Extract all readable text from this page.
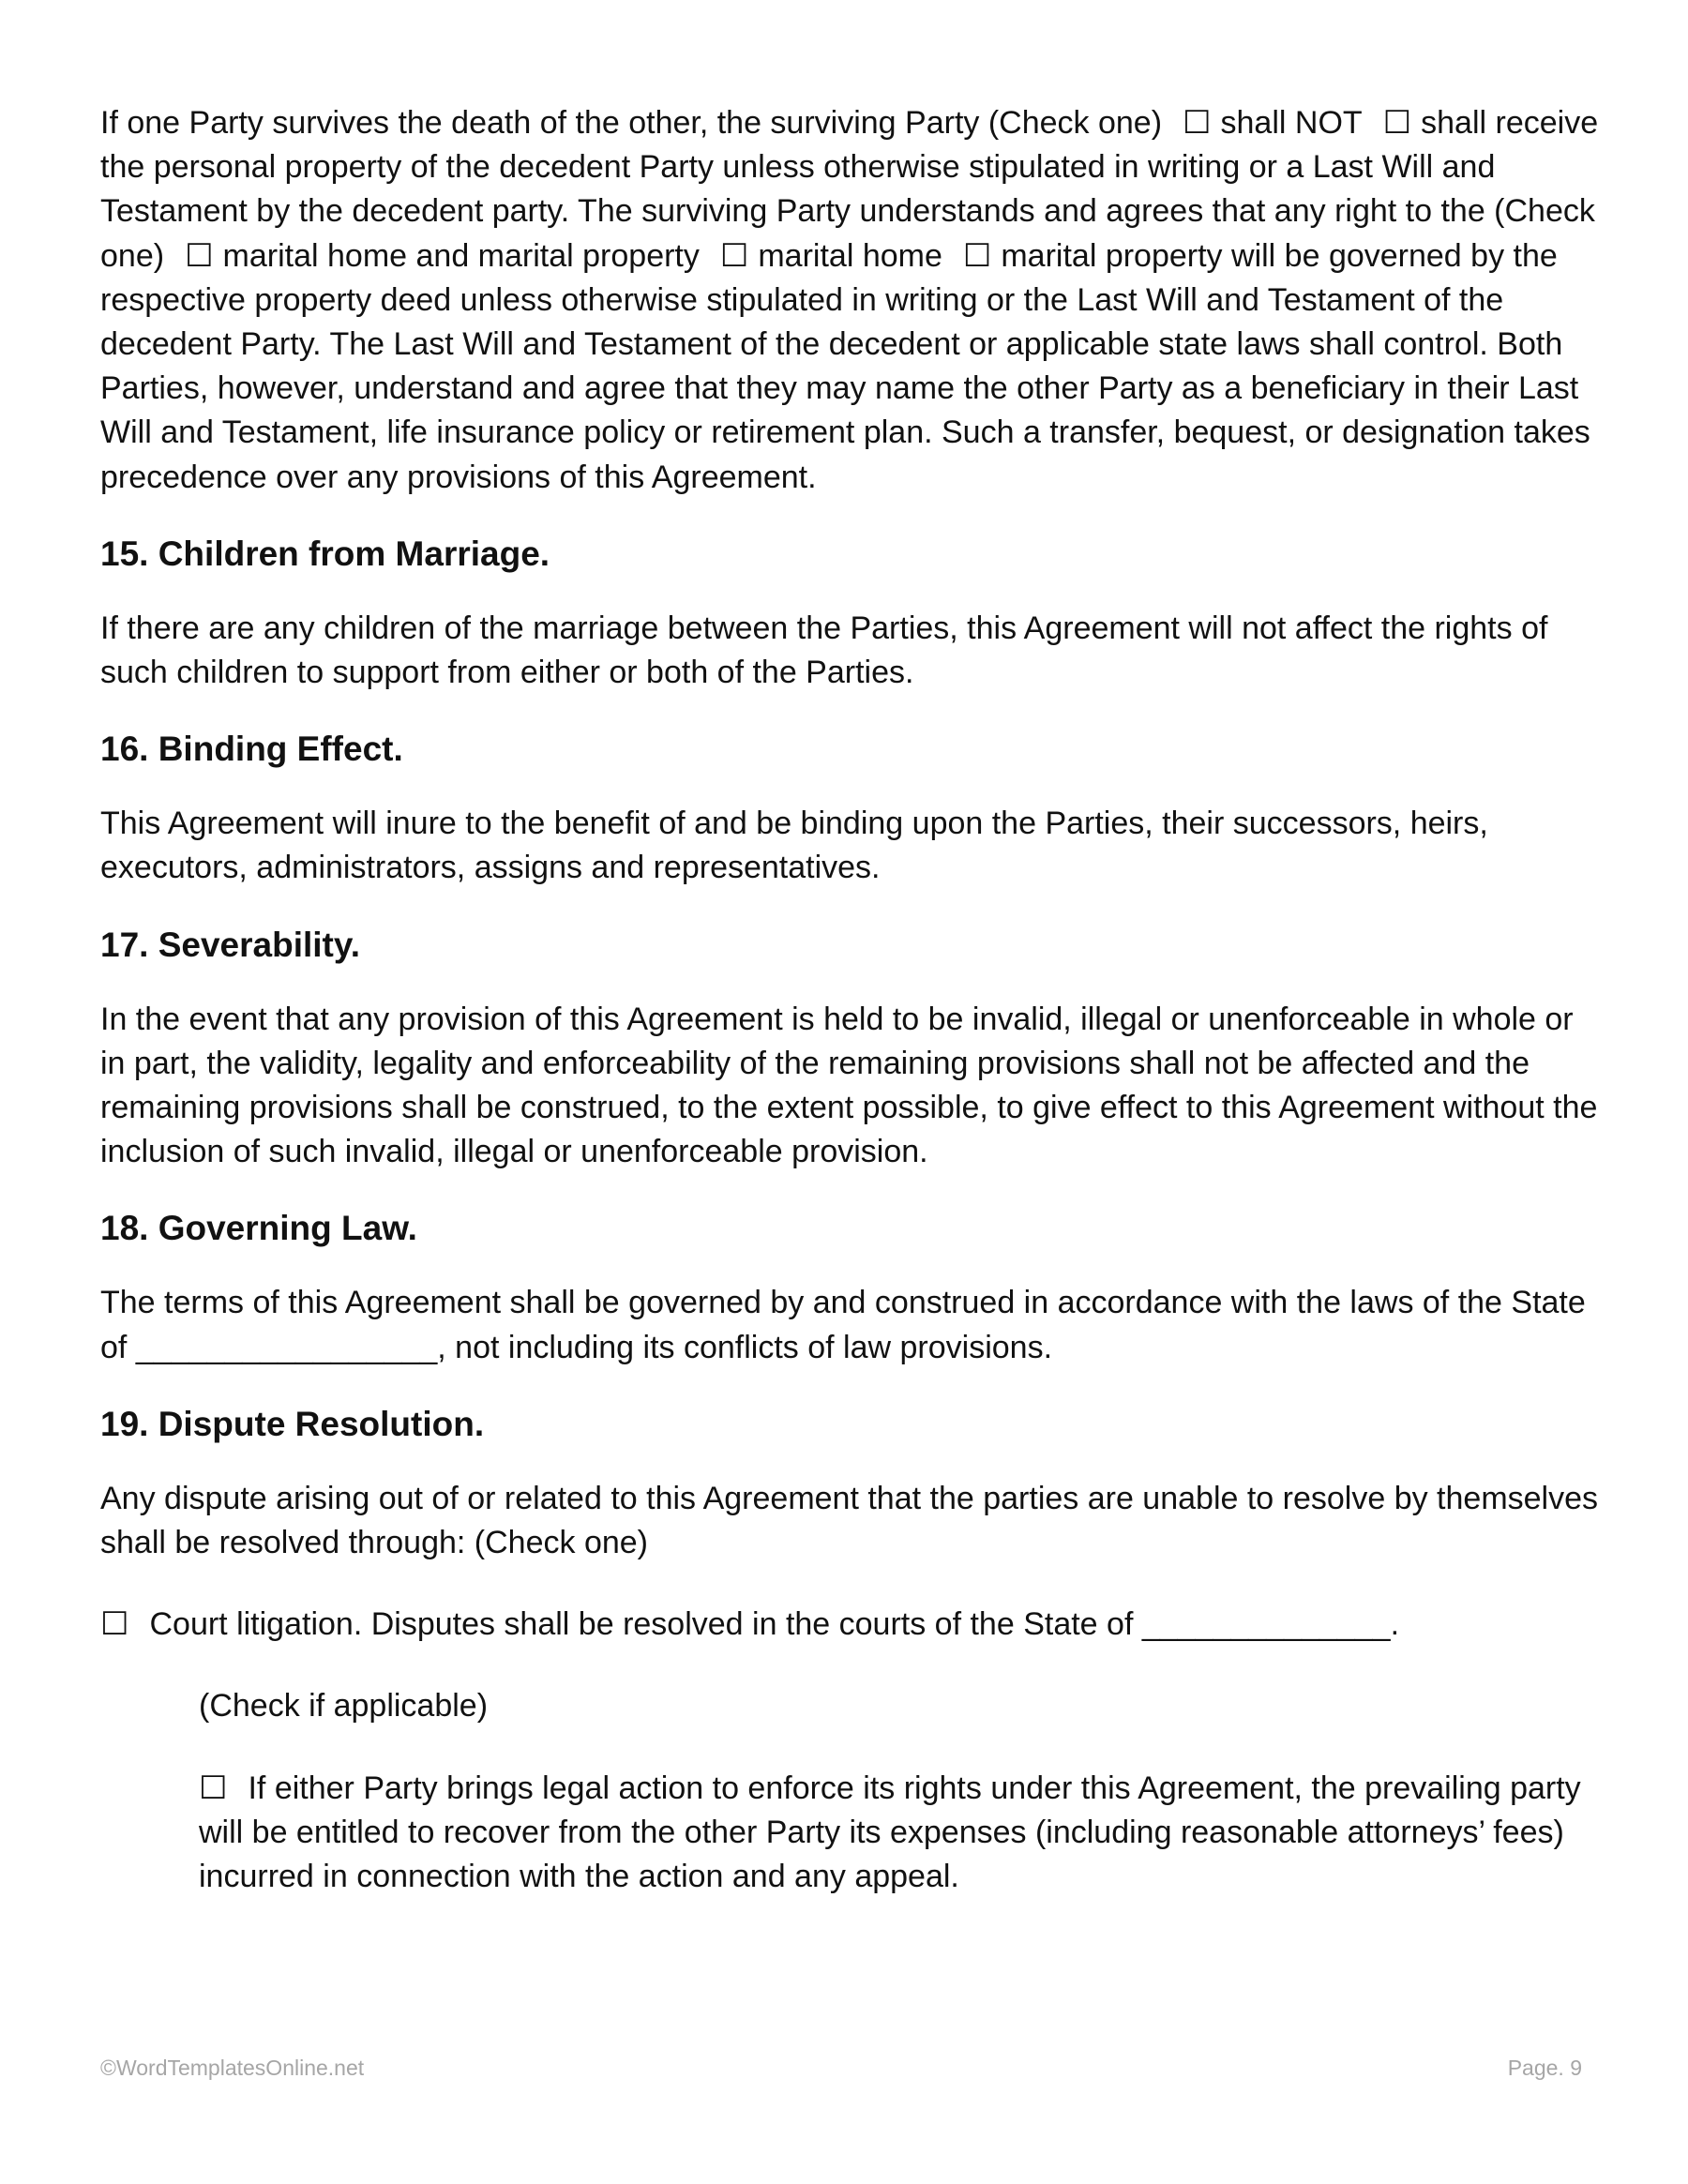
If one Party survives the death of the other, the surviving Party (Check one) ☐ shall NOT ☐ shall receive the personal property of the decedent Party unless otherwise stipulated in writing or a Last Will and Testament by the decedent party. The surviving Party understands and agrees that any right to the (Check one) ☐ marital home and marital property ☐ marital home ☐ marital property will be governed by the respective property deed unless otherwise stipulated in writing or the Last Will and Testament of the decedent Party. The Last Will and Testament of the decedent or applicable state laws shall control. Both Parties, however, understand and agree that they may name the other Party as a beneficiary in their Last Will and Testament, life insurance policy or retirement plan. Such a transfer, bequest, or designation takes precedence over any provisions of this Agreement.

15. Children from Marriage.

If there are any children of the marriage between the Parties, this Agreement will not affect the rights of such children to support from either or both of the Parties.

16. Binding Effect.

This Agreement will inure to the benefit of and be binding upon the Parties, their successors, heirs, executors, administrators, assigns and representatives.

17. Severability.

In the event that any provision of this Agreement is held to be invalid, illegal or unenforceable in whole or in part, the validity, legality and enforceability of the remaining provisions shall not be affected and the remaining provisions shall be construed, to the extent possible, to give effect to this Agreement without the inclusion of such invalid, illegal or unenforceable provision.

18. Governing Law.

The terms of this Agreement shall be governed by and construed in accordance with the laws of the State of _________________, not including its conflicts of law provisions.

19. Dispute Resolution.

Any dispute arising out of or related to this Agreement that the parties are unable to resolve by themselves shall be resolved through: (Check one)

☐ Court litigation. Disputes shall be resolved in the courts of the State of ______________.

(Check if applicable)

☐ If either Party brings legal action to enforce its rights under this Agreement, the prevailing party will be entitled to recover from the other Party its expenses (including reasonable attorneys’ fees) incurred in connection with the action and any appeal.

©WordTemplatesOnline.net	Page. 9
